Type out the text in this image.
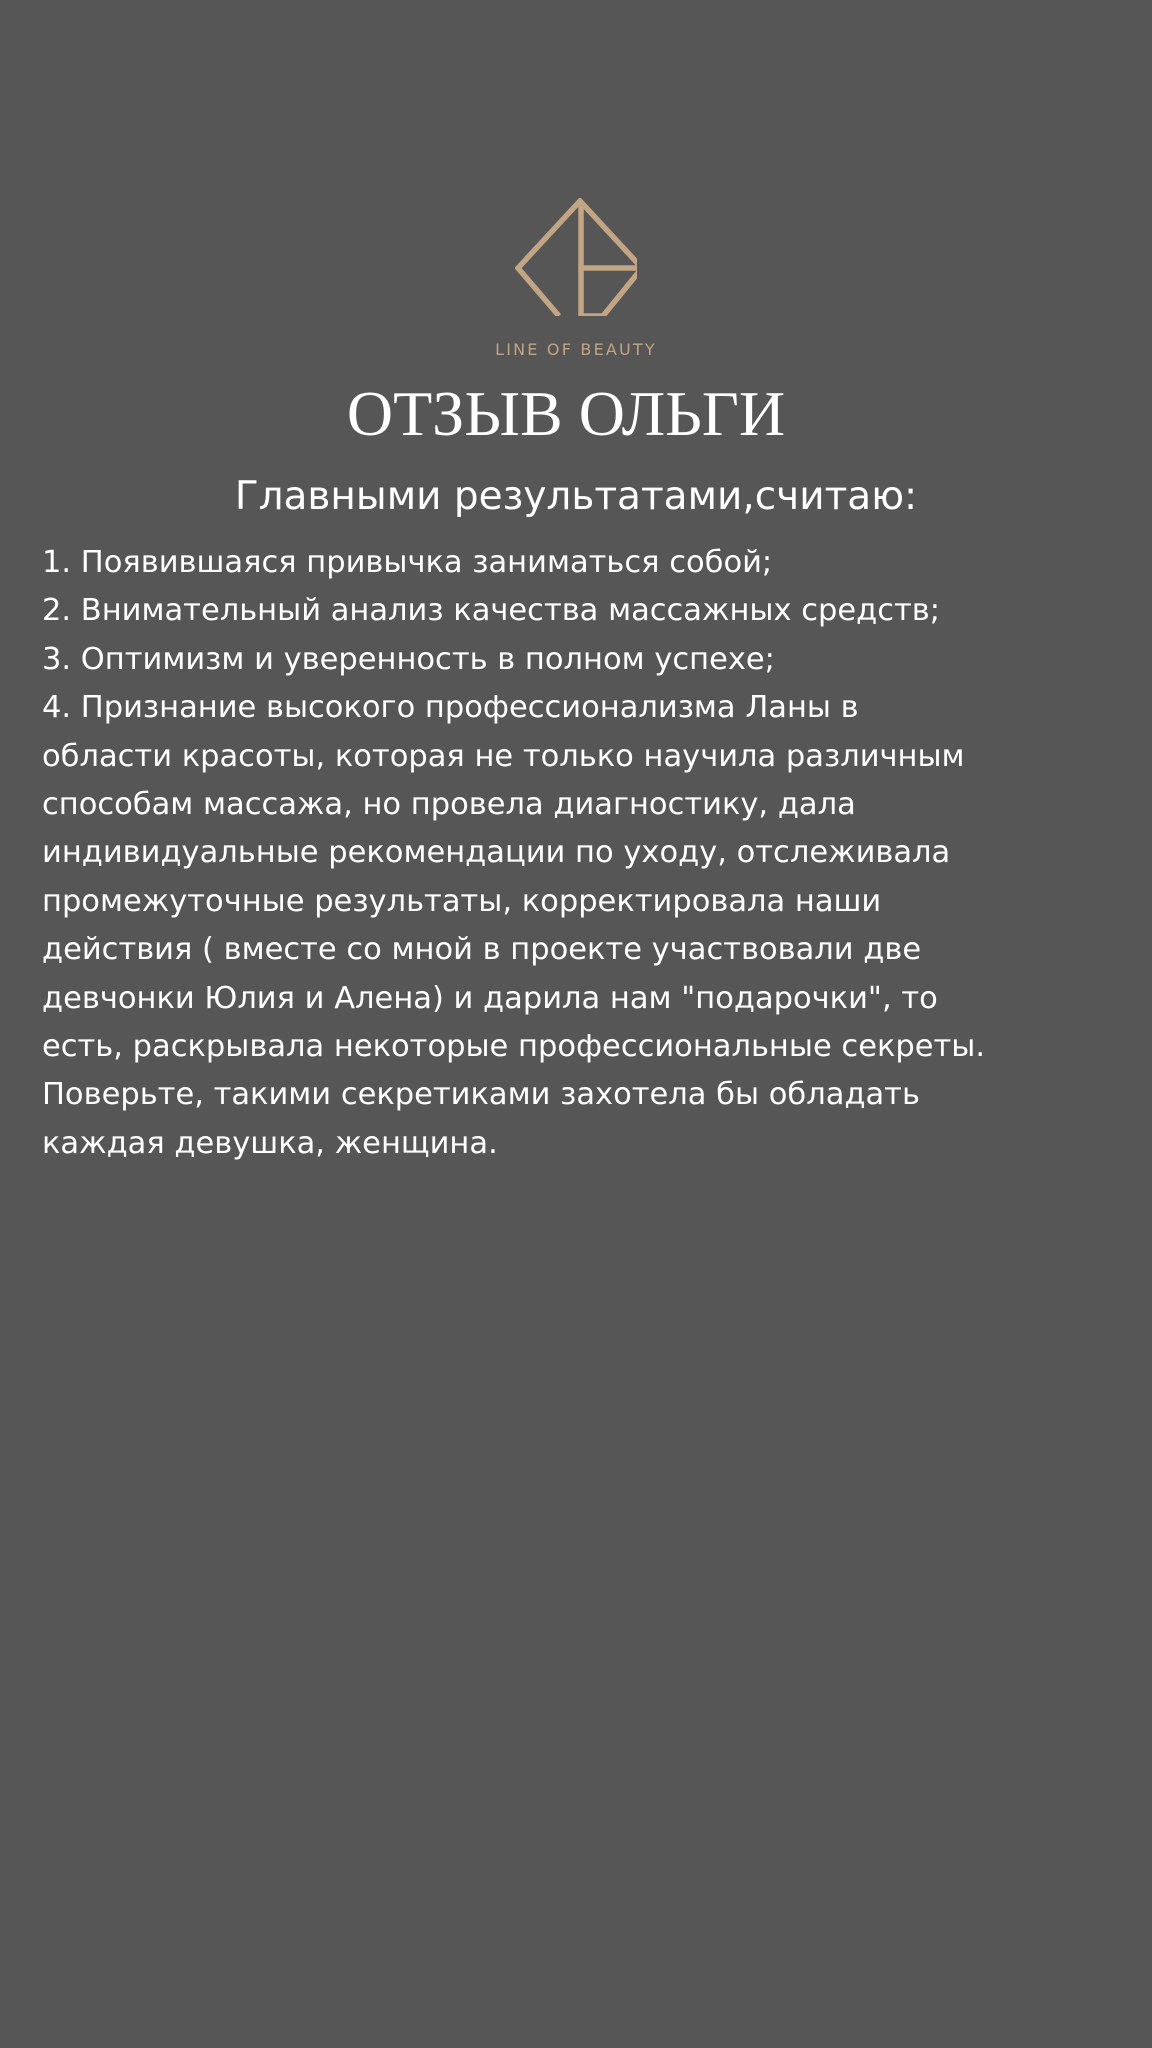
LINE OF BEAUTY
ОТЗЫВ ОЛЬГИ
Главными результатами,считаю:
1. Появившаяся привычка заниматься собой;
2. Внимательный анализ качества массажных средств;
3. Оптимизм и уверенность в полном успехе;
4. Признание высокого профессионализма Ланы в
области красоты, которая не только научила различным
способам массажа, но провела диагностику, дала
индивидуальные рекомендации по уходу, отслеживала
промежуточные результаты, корректировала наши
действия ( вместе со мной в проекте участвовали две
девчонки Юлия и Алена) и дарила нам "подарочки", то
есть, раскрывала некоторые профессиональные секреты.
Поверьте, такими секретиками захотела бы обладать
каждая девушка, женщина.
